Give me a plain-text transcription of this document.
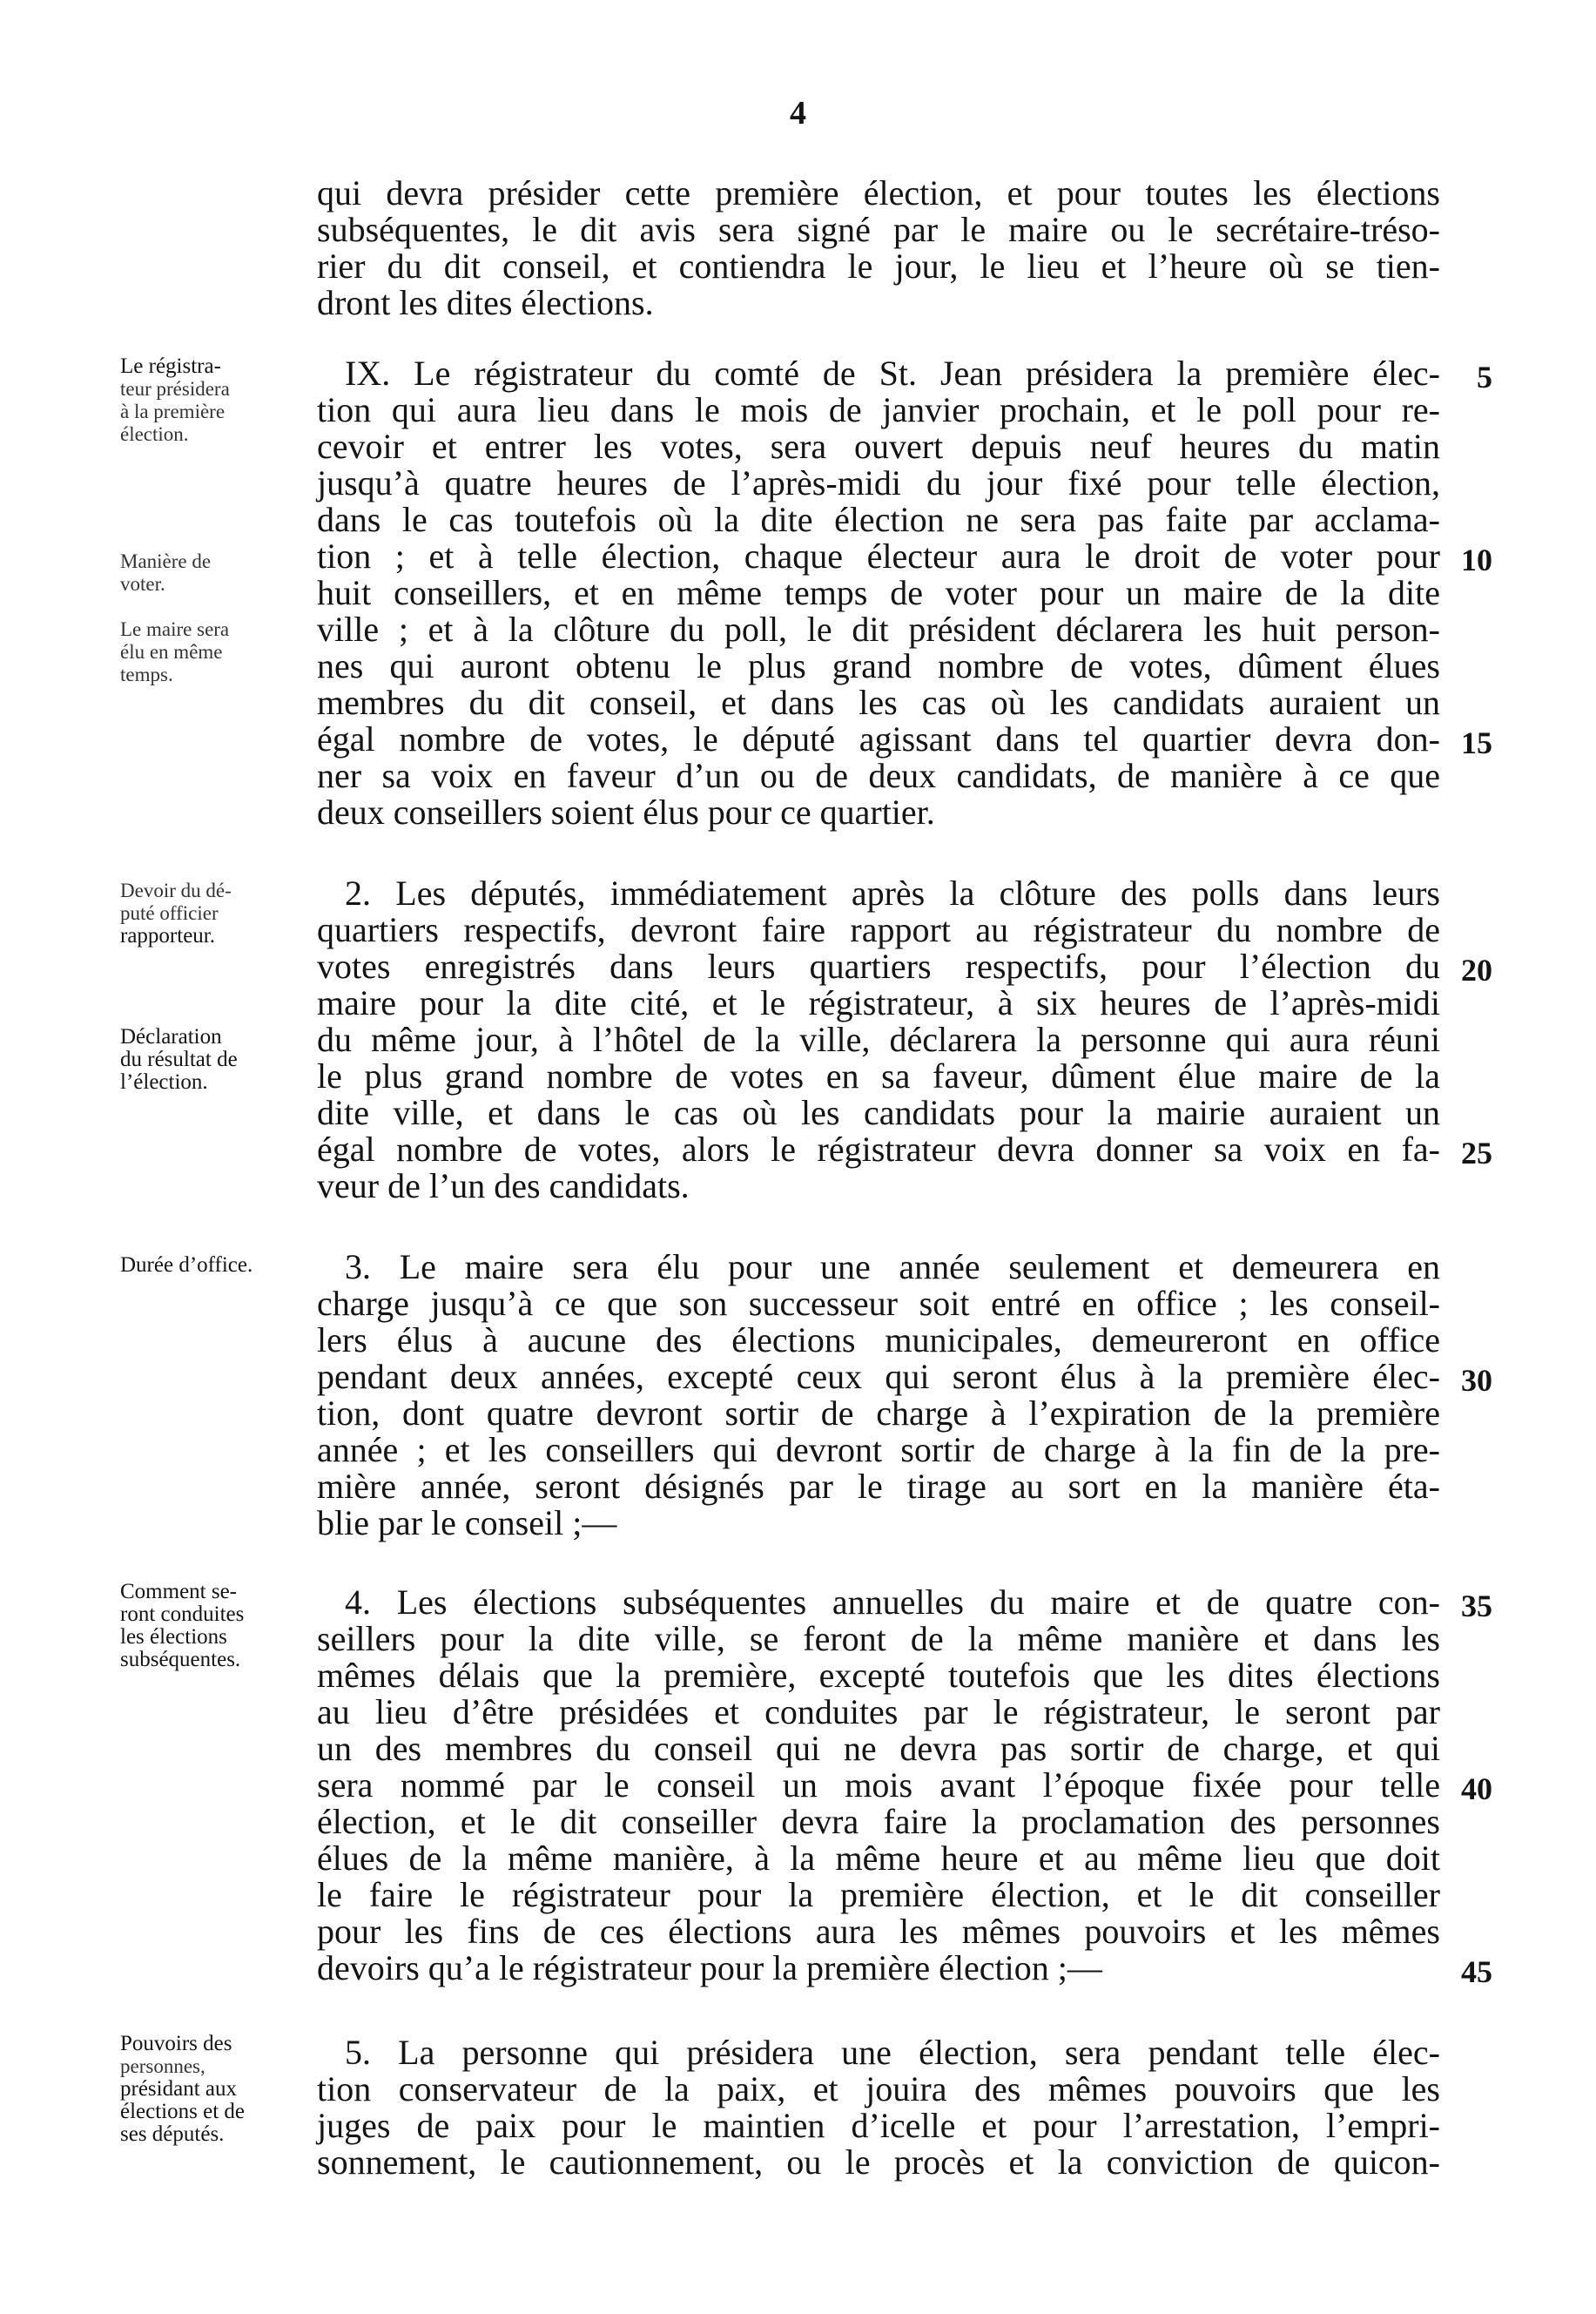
4
qui devra présider cette première élection, et pour toutes les élections
subséquentes, le dit avis sera signé par le maire ou le secrétaire-tréso-
rier du dit conseil, et contiendra le jour, le lieu et l’heure où se tien-
dront les dites élections.
IX. Le régistrateur du comté de St. Jean présidera la première élec-
tion qui aura lieu dans le mois de janvier prochain, et le poll pour re-
cevoir et entrer les votes, sera ouvert depuis neuf heures du matin
jusqu’à quatre heures de l’après-midi du jour fixé pour telle élection,
dans le cas toutefois où la dite élection ne sera pas faite par acclama-
tion ; et à telle élection, chaque électeur aura le droit de voter pour
huit conseillers, et en même temps de voter pour un maire de la dite
ville ; et à la clôture du poll, le dit président déclarera les huit person-
nes qui auront obtenu le plus grand nombre de votes, dûment élues
membres du dit conseil, et dans les cas où les candidats auraient un
égal nombre de votes, le député agissant dans tel quartier devra don-
ner sa voix en faveur d’un ou de deux candidats, de manière à ce que
deux conseillers soient élus pour ce quartier.
2. Les députés, immédiatement après la clôture des polls dans leurs
quartiers respectifs, devront faire rapport au régistrateur du nombre de
votes enregistrés dans leurs quartiers respectifs, pour l’élection du
maire pour la dite cité, et le régistrateur, à six heures de l’après-midi
du même jour, à l’hôtel de la ville, déclarera la personne qui aura réuni
le plus grand nombre de votes en sa faveur, dûment élue maire de la
dite ville, et dans le cas où les candidats pour la mairie auraient un
égal nombre de votes, alors le régistrateur devra donner sa voix en fa-
veur de l’un des candidats.
3. Le maire sera élu pour une année seulement et demeurera en
charge jusqu’à ce que son successeur soit entré en office ; les conseil-
lers élus à aucune des élections municipales, demeureront en office
pendant deux années, excepté ceux qui seront élus à la première élec-
tion, dont quatre devront sortir de charge à l’expiration de la première
année ; et les conseillers qui devront sortir de charge à la fin de la pre-
mière année, seront désignés par le tirage au sort en la manière éta-
blie par le conseil ;—
4. Les élections subséquentes annuelles du maire et de quatre con-
seillers pour la dite ville, se feront de la même manière et dans les
mêmes délais que la première, excepté toutefois que les dites élections
au lieu d’être présidées et conduites par le régistrateur, le seront par
un des membres du conseil qui ne devra pas sortir de charge, et qui
sera nommé par le conseil un mois avant l’époque fixée pour telle
élection, et le dit conseiller devra faire la proclamation des personnes
élues de la même manière, à la même heure et au même lieu que doit
le faire le régistrateur pour la première élection, et le dit conseiller
pour les fins de ces élections aura les mêmes pouvoirs et les mêmes
devoirs qu’a le régistrateur pour la première élection ;—
5. La personne qui présidera une élection, sera pendant telle élec-
tion conservateur de la paix, et jouira des mêmes pouvoirs que les
juges de paix pour le maintien d’icelle et pour l’arrestation, l’empri-
sonnement, le cautionnement, ou le procès et la conviction de quicon-
5
10
15
20
25
30
35
40
45
Le régistra-
teur présidera
à la première
élection.
Manière de
voter.
Le maire sera
élu en même
temps.
Devoir du dé-
puté officier
rapporteur.
Déclaration
du résultat de
l’élection.
Durée d’office.
Comment se-
ront conduites
les élections
subséquentes.
Pouvoirs des
personnes,
présidant aux
élections et de
ses députés.
